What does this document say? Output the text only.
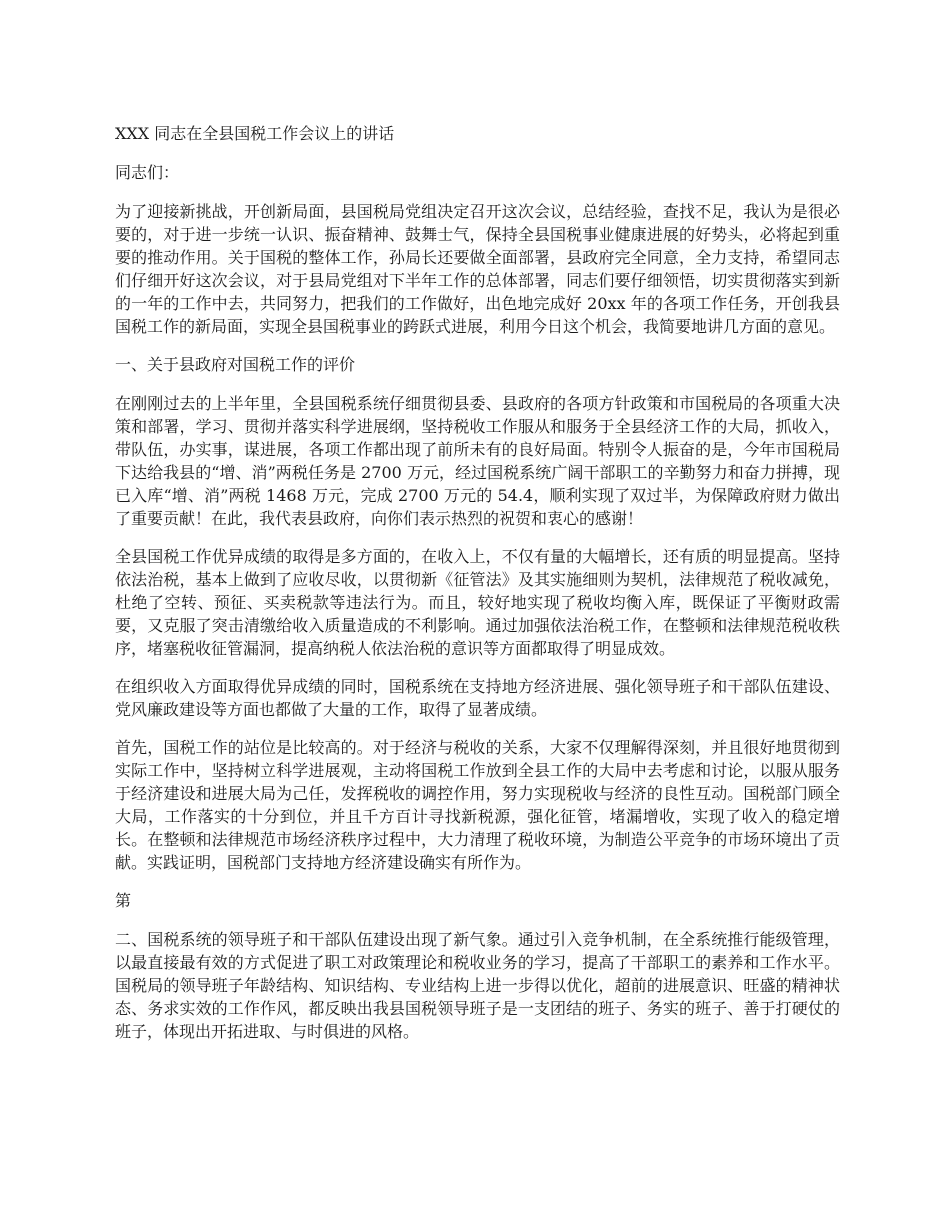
XXX 同志在全县国税工作会议上的讲话
同志们：

为了迎接新挑战，开创新局面，县国税局党组决定召开这次会议，总结经验，查找不足，我认为是很必要的，对于进一步统一认识、振奋精神、鼓舞士气，保持全县国税事业健康进展的好势头，必将起到重要的推动作用。关于国税的整体工作，孙局长还要做全面部署，县政府完全同意，全力支持，希望同志们仔细开好这次会议，对于县局党组对下半年工作的总体部署，同志们要仔细领悟，切实贯彻落实到新的一年的工作中去，共同努力，把我们的工作做好，出色地完成好 20xx 年的各项工作任务，开创我县国税工作的新局面，实现全县国税事业的跨跃式进展，利用今日这个机会，我简要地讲几方面的意见。

一、关于县政府对国税工作的评价

在刚刚过去的上半年里，全县国税系统仔细贯彻县委、县政府的各项方针政策和市国税局的各项重大决策和部署，学习、贯彻并落实科学进展纲，坚持税收工作服从和服务于全县经济工作的大局，抓收入，带队伍，办实事，谋进展，各项工作都出现了前所未有的良好局面。特别令人振奋的是，今年市国税局下达给我县的“增、消”两税任务是 2700 万元，经过国税系统广阔干部职工的辛勤努力和奋力拼搏，现已入库“增、消”两税 1468 万元，完成 2700 万元的 54.4，顺利实现了双过半，为保障政府财力做出了重要贡献！在此，我代表县政府，向你们表示热烈的祝贺和衷心的感谢！

全县国税工作优异成绩的取得是多方面的，在收入上，不仅有量的大幅增长，还有质的明显提高。坚持依法治税，基本上做到了应收尽收，以贯彻新《征管法》及其实施细则为契机，法律规范了税收减免，杜绝了空转、预征、买卖税款等违法行为。而且，较好地实现了税收均衡入库，既保证了平衡财政需要，又克服了突击清缴给收入质量造成的不利影响。通过加强依法治税工作，在整顿和法律规范税收秩序，堵塞税收征管漏洞，提高纳税人依法治税的意识等方面都取得了明显成效。

在组织收入方面取得优异成绩的同时，国税系统在支持地方经济进展、强化领导班子和干部队伍建设、党风廉政建设等方面也都做了大量的工作，取得了显著成绩。

首先，国税工作的站位是比较高的。对于经济与税收的关系，大家不仅理解得深刻，并且很好地贯彻到实际工作中，坚持树立科学进展观，主动将国税工作放到全县工作的大局中去考虑和讨论，以服从服务于经济建设和进展大局为己任，发挥税收的调控作用，努力实现税收与经济的良性互动。国税部门顾全大局，工作落实的十分到位，并且千方百计寻找新税源，强化征管，堵漏增收，实现了收入的稳定增长。在整顿和法律规范市场经济秩序过程中，大力清理了税收环境，为制造公平竞争的市场环境出了贡献。实践证明，国税部门支持地方经济建设确实有所作为。

第

二、国税系统的领导班子和干部队伍建设出现了新气象。通过引入竞争机制，在全系统推行能级管理，以最直接最有效的方式促进了职工对政策理论和税收业务的学习，提高了干部职工的素养和工作水平。国税局的领导班子年龄结构、知识结构、专业结构上进一步得以优化，超前的进展意识、旺盛的精神状态、务求实效的工作作风，都反映出我县国税领导班子是一支团结的班子、务实的班子、善于打硬仗的班子，体现出开拓进取、与时俱进的风格。
